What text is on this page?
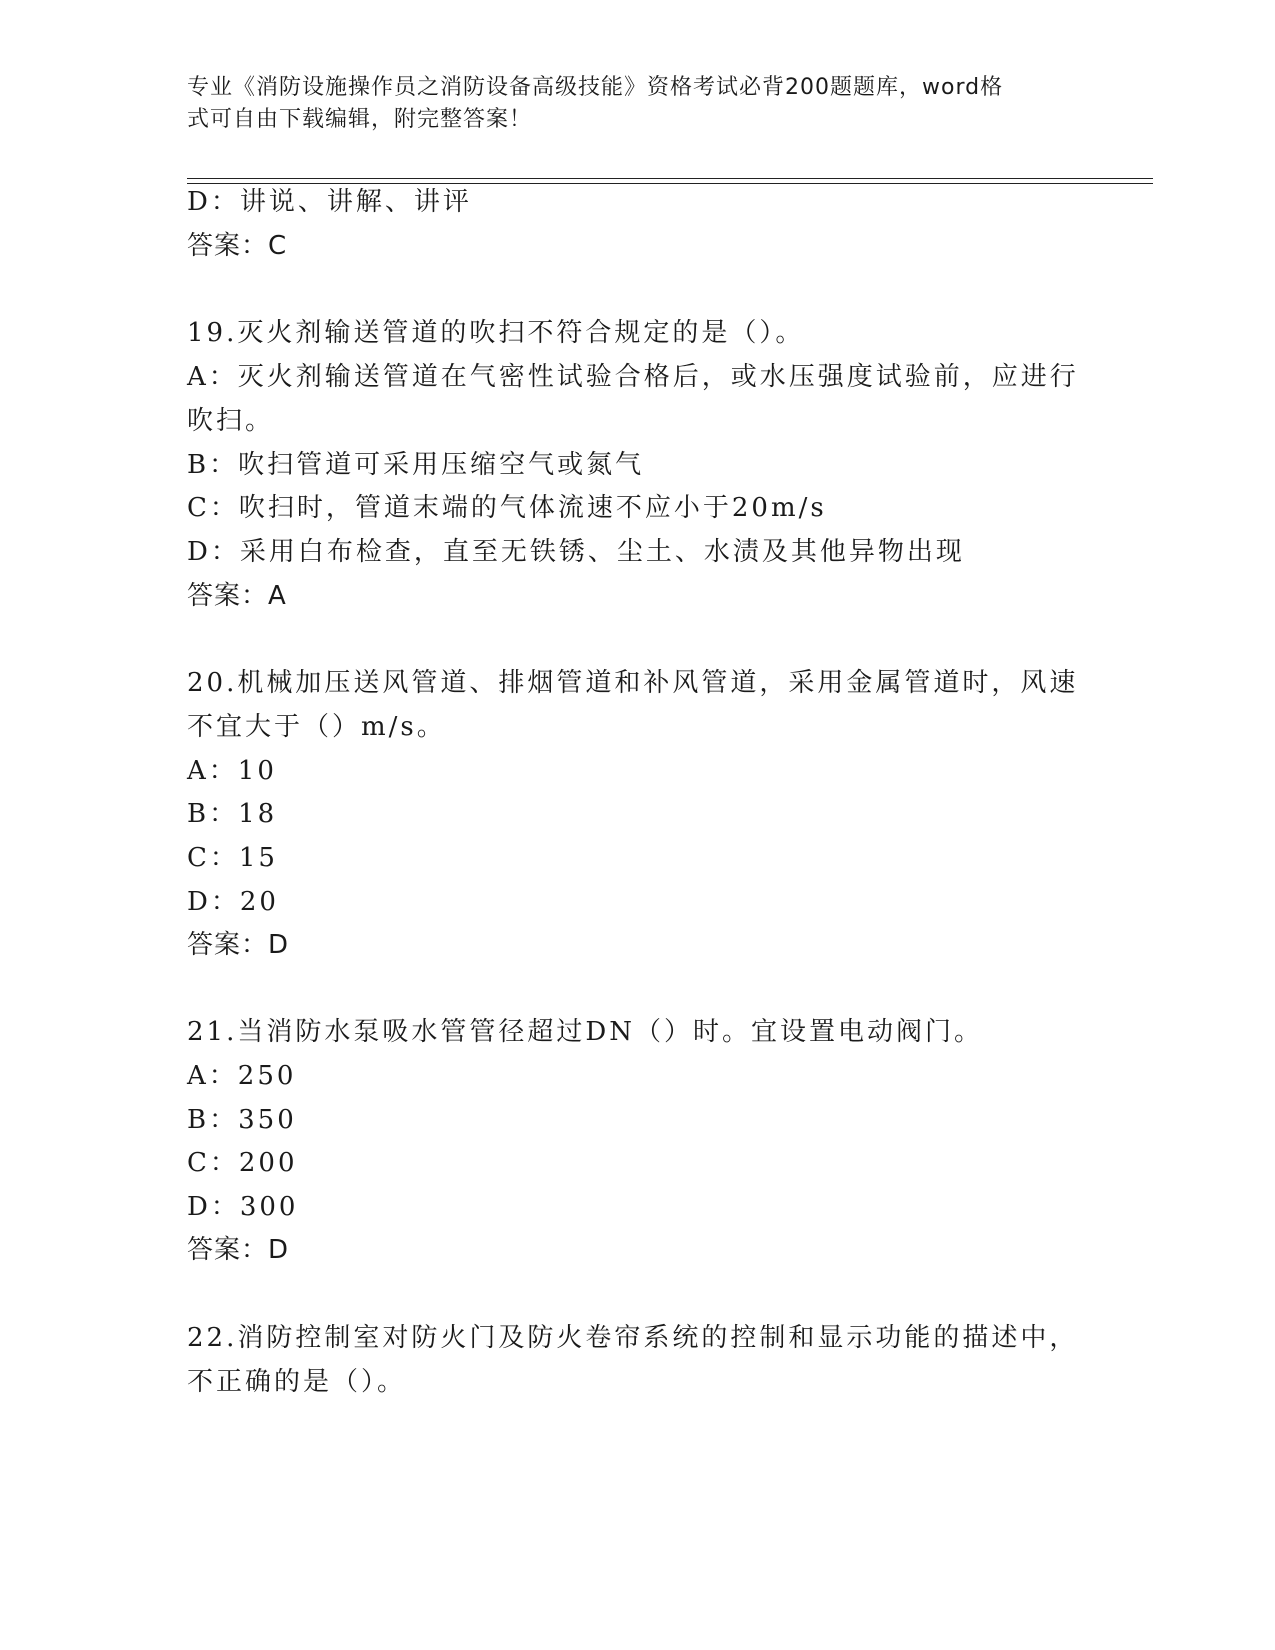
专业《消防设施操作员之消防设备高级技能》资格考试必背200题题库，word格
式可自由下载编辑，附完整答案！
D：讲说、讲解、讲评
答案：C
19.灭火剂输送管道的吹扫不符合规定的是（）。
A：灭火剂输送管道在气密性试验合格后，或水压强度试验前，应进行
吹扫。
B：吹扫管道可采用压缩空气或氮气
C：吹扫时，管道末端的气体流速不应小于20m/s
D：采用白布检查，直至无铁锈、尘土、水渍及其他异物出现
答案：A
20.机械加压送风管道、排烟管道和补风管道，采用金属管道时，风速
不宜大于（）m/s。
A：10
B：18
C：15
D：20
答案：D
21.当消防水泵吸水管管径超过DN（）时。宜设置电动阀门。
A：250
B：350
C：200
D：300
答案：D
22.消防控制室对防火门及防火卷帘系统的控制和显示功能的描述中，
不正确的是（）。
